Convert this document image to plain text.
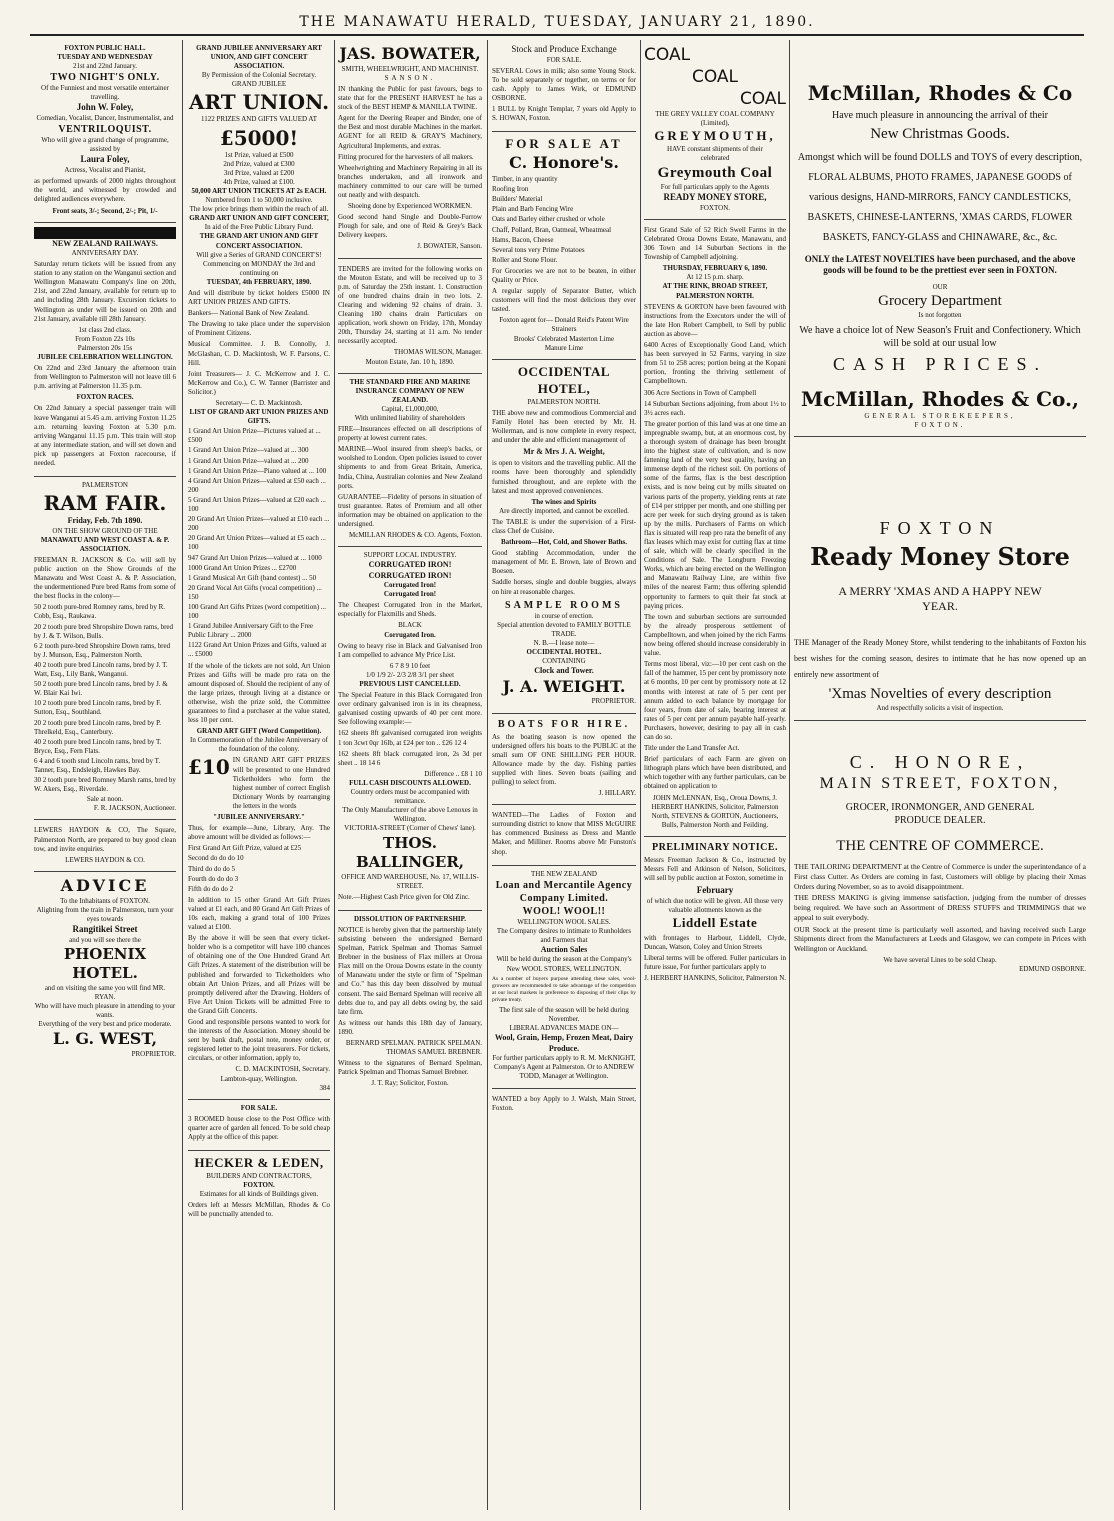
THE MANAWATU HERALD, TUESDAY, JANUARY 21, 1890.
FOXTON PUBLIC HALL.
TUESDAY AND WEDNESDAY
21st and 22nd January.
TWO NIGHT'S ONLY.
Of the Funniest and most versatile entertainer travelling.
John W. Foley,
Comedian, Vocalist, Dancer, Instrumentalist, and
VENTRILOQUIST.
Who will give a grand change of programme,
assisted by
Laura Foley,
Actress, Vocalist and Pianist,

as performed upwards of 2000 nights throughout the world, and witnessed by crowded and delighted audiences everywhere.

Front seats, 3/-; Second, 2/-; Pit, 1/-
NEW ZEALAND RAILWAYS.
ANNIVERSARY DAY.

Saturday return tickets will be issued from any station to any station on the Wanganui section and Wellington Manawatu Company's line on 20th, 21st, and 22nd January, available for return up to and including 28th January. Excursion tickets to Wellington as under will be issued on 20th and 21st January, available till 28th January.

1st class 2nd class.
From Foxton 22s 10s
Palmerston 20s 15s
JUBILEE CELEBRATION WELLINGTON.

On 22nd and 23rd January the afternoon train from Wellington to Palmerston will not leave till 6 p.m. arriving at Palmerston 11.35 p.m.

FOXTON RACES.

On 22nd January a special passenger train will leave Wanganui at 5.45 a.m. arriving Foxton 11.25 a.m. returning leaving Foxton at 5.30 p.m. arriving Wanganui 11.15 p.m. This train will stop at any intermediate station, and will set down and pick up passengers at Foxton racecourse, if needed.

PALMERSTON
RAM FAIR.
Friday, Feb. 7th 1890.
ON THE SHOW GROUND OF THE
MANAWATU AND WEST COAST A. & P. ASSOCIATION.

FREEMAN R. JACKSON & Co. will sell by public auction on the Show Grounds of the Manawatu and West Coast A. & P. Association, the undermentioned Pure bred Rams from some of the best flocks in the colony—

50 2 tooth pure-bred Romney rams, bred by R. Cobb, Esq., Raukawa.
20 2 tooth pure bred Shropshire Down rams, bred by J. & T. Wilson, Bulls.
6 2 tooth pure-bred Shropshire Down rams, bred by J. Munson, Esq., Palmerston North.
40 2 tooth pure bred Lincoln rams, bred by J. T. Watt, Esq., Lily Bank, Wanganui.
50 2 tooth pure bred Lincoln rams, bred by J. & W. Blair Kai Iwi.
10 2 tooth pure bred Lincoln rams, bred by F. Sutton, Esq., Southland.
20 2 tooth pure bred Lincoln rams, bred by P. Threlkeld, Esq., Canterbury.
40 2 tooth pure bred Lincoln rams, bred by T. Bryce, Esq., Fern Flats.
6 4 and 6 tooth stud Lincoln rams, bred by T. Tanner, Esq., Endsleigh, Hawkes Bay.
30 2 tooth pure bred Romney Marsh rams, bred by W. Akers, Esq., Riverdale.
Sale at noon.
F. R. JACKSON, Auctioneer.

LEWERS HAYDON & CO, The Square, Palmerston North, are prepared to buy good clean tow, and invite enquiries.

LEWERS HAYDON & CO.
ADVICE
To the Inhabitants of FOXTON.
Alighting from the train in Palmerston, turn your eyes towards
Rangitikei Street
and you will see there the
PHOENIX HOTEL.
and on visiting the same you will find MR. RYAN.
Who will have much pleasure in attending to your wants.
Everything of the very best and price moderate.
L. G. WEST,
PROPRIETOR.
GRAND JUBILEE ANNIVERSARY ART UNION, AND GIFT CONCERT ASSOCIATION.
By Permission of the Colonial Secretary.
GRAND JUBILEE
ART UNION.
1122 PRIZES AND GIFTS VALUED AT
£5000!
1st Prize, valued at £500
2nd Prize, valued at £300
3rd Prize, valued at £200
4th Prize, valued at £100.
50,000 ART UNION TICKETS AT 2s EACH.
Numbered from 1 to 50,000 inclusive.
The low price brings them within the reach of all.
GRAND ART UNION AND GIFT CONCERT,
In aid of the Free Public Library Fund.
THE GRAND ART UNION AND GIFT CONCERT ASSOCIATION.
Will give a Series of GRAND CONCERT'S!
Commencing on MONDAY the 3rd and continuing on
TUESDAY, 4th FEBRUARY, 1890.

And will distribute by ticket holders £5000 IN ART UNION PRIZES AND GIFTS.

Bankers— National Bank of New Zealand.

The Drawing to take place under the supervision of Prominent Citizens.

Musical Committee. J. B. Connolly, J. McGlashan, C. D. Mackintosh, W. F. Parsons, C. Hill.

Joint Treasurers— J. C. McKerrow and J. C. McKerrow and Co.), C. W. Tanner (Barrister and Solicitor.)

Secretary— C. D. Mackintosh.
LIST OF GRAND ART UNION PRIZES AND GIFTS.
1 Grand Art Union Prize—Pictures valued at ... £500
1 Grand Art Union Prize—valued at ... 300
1 Grand Art Union Prize—valued at ... 200
1 Grand Art Union Prize—Piano valued at ... 100
4 Grand Art Union Prizes—valued at £50 each ... 200
5 Grand Art Union Prizes—valued at £20 each ... 100
20 Grand Art Union Prizes—valued at £10 each ... 200
20 Grand Art Union Prizes—valued at £5 each ... 100
947 Grand Art Union Prizes—valued at ... 1000
1000 Grand Art Union Prizes ... £2700
1 Grand Musical Art Gift (band contest) ... 50
20 Grand Vocal Art Gifts (vocal competition) ... 150
100 Grand Art Gifts Prizes (word competition) ... 100
1 Grand Jubilee Anniversary Gift to the Free Public Library ... 2000
1122 Grand Art Union Prizes and Gifts, valued at ... £5000

If the whole of the tickets are not sold, Art Union Prizes and Gifts will be made pro rata on the amount disposed of. Should the recipient of any of the large prizes, through living at a distance or otherwise, wish the prize sold, the Committee guarantees to find a purchaser at the value stated, less 10 per cent.

GRAND ART GIFT (Word Competition).
In Commemoration of the Jubilee Anniversary of the foundation of the colony.
£10 IN GRAND ART GIFT PRIZES will be presented to one Hundred Ticketholders who form the highest number of correct English Dictionary Words by rearranging the letters in the words

"JUBILEE ANNIVERSARY."

Thus, for example—June, Library, Any. The above amount will be divided as follows:—

First Grand Art Gift Prize, valued at £25
Second do do do 10
Third do do do 5
Fourth do do do 3
Fifth do do do 2

In addition to 15 other Grand Art Gift Prizes valued at £1 each, and 80 Grand Art Gift Prizes of 10s each, making a grand total of 100 Prizes valued at £100.

By the above it will be seen that every ticket-holder who is a competitor will have 100 chances of obtaining one of the One Hundred Grand Art Gift Prizes. A statement of the distribution will be published and forwarded to Ticketholders who obtain Art Union Prizes, and all Prizes will be promptly delivered after the Drawing. Holders of Five Art Union Tickets will be admitted Free to the Grand Gift Concerts.

Good and responsible persons wanted to work for the interests of the Association. Money should be sent by bank draft, postal note, money order, or registered letter to the joint treasurers. For tickets, circulars, or other information, apply to,

C. D. MACKINTOSH, Secretary.
Lambton-quay, Wellington.
384
FOR SALE.

3 ROOMED house close to the Post Office with quarter acre of garden all fenced. To be sold cheap Apply at the office of this paper.

HECKER & LEDEN,
BUILDERS AND CONTRACTORS,
FOXTON.
Estimates for all kinds of Buildings given.

Orders left at Messrs McMillan, Rhodes & Co will be punctually attended to.

JAS. BOWATER,
SMITH, WHEELWRIGHT, AND MACHINIST.
SANSON.

IN thanking the Public for past favours, begs to state that for the PRESENT HARVEST he has a stock of the BEST HEMP & MANILLA TWINE.

Agent for the Deering Reaper and Binder, one of the Best and most durable Machines in the market. AGENT for all REID & GRAY'S Machinery, Agricultural Implements, and extras.

Fitting procured for the harvesters of all makers.

Wheelwrighting and Machinery Repairing in all its branches undertaken, and all ironwork and machinery committed to our care will be turned out neatly and with despatch.

Shoeing done by Experienced WORKMEN.

Good second hand Single and Double-Furrow Plough for sale, and one of Reid & Grey's Back Delivery keepers.

J. BOWATER, Sanson.

TENDERS are invited for the following works on the Mouton Estate, and will be received up to 3 p.m. of Saturday the 25th instant. 1. Construction of one hundred chains drain in two lots. 2. Clearing and widening 92 chains of drain. 3. Cleaning 180 chains drain Particulars on application, work shown on Friday, 17th, Monday 20th, Thursday 24, starting at 11 a.m. No tender necessarily accepted.

THOMAS WILSON, Manager.
Mouton Estate, Jan. 10 h, 1890.
THE STANDARD FIRE AND MARINE INSURANCE COMPANY OF NEW ZEALAND.
Capital, £1,000,000,
With unlimited liability of shareholders

FIRE—Insurances effected on all descriptions of property at lowest current rates.

MARINE—Wool insured from sheep's backs, or woolshed to London. Open policies issued to cover shipments to and from Great Britain, America, India, China, Australian colonies and New Zealand ports.

GUARANTEE—Fidelity of persons in situation of trust guarantee. Rates of Premium and all other information may be obtained on application to the undersigned.

McMILLAN RHODES & CO. Agents, Foxton.
SUPPORT LOCAL INDUSTRY.
CORRUGATED IRON!
CORRUGATED IRON!
Corrugated Iron!
Corrugated Iron!

The Cheapest Corrugated Iron in the Market, especially for Flaxmills and Sheds.

BLACK
Corrugated Iron.

Owing to heavy rise in Black and Galvanised Iron I am compelled to advance My Price List.

6 7 8 9 10 feet
1/0 1/9 2/- 2/3 2/8 3/1 per sheet
PREVIOUS LIST CANCELLED.

The Special Feature in this Black Corrugated Iron over ordinary galvanised iron is in its cheapness, galvanised costing upwards of 40 per cent more. See following example:—

162 sheets 8ft galvanised corrugated iron weights 1 ton 3cwt 0qr 16lb, at £24 per ton .. £26 12 4

162 sheets 8ft black corrugated iron, 2s 3d per sheet .. 18 14 6

Difference .. £8 1 10
FULL CASH DISCOUNTS ALLOWED.
Country orders must be accompanied with remittance.
The Only Manufacturer of the above Lenoxes in Wellington.
VICTORIA-STREET (Corner of Chews' lane).
THOS. BALLINGER,
OFFICE AND WAREHOUSE, No. 17, WILLIS-STREET.

Note.—Highest Cash Price given for Old Zinc.

DISSOLUTION OF PARTNERSHIP.

NOTICE is hereby given that the partnership lately subsisting between the undersigned Bernard Spelman, Patrick Spelman and Thomas Samuel Brebner in the business of Flax millers at Oroua Flax mill on the Oroua Downs estate in the county of Manawatu under the style or firm of "Spelman and Co." has this day been dissolved by mutual consent. The said Bernard Spelman will receive all debts due to, and pay all debts owing by, the said late firm.

As witness our hands this 18th day of January, 1890.

BERNARD SPELMAN. PATRICK SPELMAN. THOMAS SAMUEL BREBNER.

Witness to the signatures of Bernard Spelman, Patrick Spelman and Thomas Samuel Brebner.

J. T. Ray; Solicitor, Foxton.
Stock and Produce Exchange
FOR SALE.

SEVERAL Cows in milk; also some Young Stock. To be sold separately or together, on terms or for cash. Apply to James Wirk, or EDMUND OSBORNE.

1 BULL by Knight Templar, 7 years old Apply to S. HOWAN, Foxton.

FOR SALE AT
C. Honore's.
Timber, in any quantity
Roofing Iron
Builders' Material
Plain and Barb Fencing Wire
Oats and Barley either crushed or whole
Chaff, Pollard, Bran, Oatmeal, Wheatmeal
Hams, Bacon, Cheese
Several tons very Prime Potatoes
Roller and Stone Flour.

For Groceries we are not to be beaten, in either Quality or Price.

A regular supply of Separator Butter, which customers will find the most delicious they ever tasted.

Foxton agent for— Donald Reid's Patent Wire Strainers
Brooks' Celebrated Masterton Lime
Manure Lime
OCCIDENTAL HOTEL,
PALMERSTON NORTH.

THE above new and commodious Commercial and Family Hotel has been erected by Mr. H. Wollerman, and is now complete in every respect, and under the able and efficient management of

Mr & Mrs J. A. Weight,

is open to visitors and the travelling public. All the rooms have been thoroughly and splendidly furnished throughout, and are replete with the latest and most approved conveniences.

The wines and Spirits
Are directly imported, and cannot be excelled.

The TABLE is under the supervision of a First-class Chef de Cuisine.

Bathroom—Hot, Cold, and Shower Baths.

Good stabling Accommodation, under the management of Mr. E. Brown, late of Brown and Boesen.

Saddle horses, single and double buggies, always on hire at reasonable charges.

SAMPLE ROOMS
in course of erection.
Special attention devoted to FAMILY BOTTLE TRADE.
N. B.—I lease note—
OCCIDENTAL HOTEL.
CONTAINING
Clock and Tower.
J. A. WEIGHT.
PROPRIETOR.
BOATS FOR HIRE.

As the boating season is now opened the undersigned offers his boats to the PUBLIC at the small sum OF ONE SHILLING PER HOUR. Allowance made by the day. Fishing parties supplied with lines. Seven boats (sailing and pulling) to select from.

J. HILLARY.

WANTED—The Ladies of Foxton and surrounding district to know that MISS McGUIRE has commenced Business as Dress and Mantle Maker, and Milliner. Rooms above Mr Funston's shop.

THE NEW ZEALAND
Loan and Mercantile Agency Company Limited.
WOOL! WOOL!!
WELLINGTON WOOL SALES.
The Company desires to intimate to Runholders and Farmers that
Auction Sales
Will be held during the season at the Company's New WOOL STORES, WELLINGTON.

As a number of buyers purpose attending these sales, wool-growers are recommended to take advantage of the competition at our local markets in preference to disposing of their clips by private treaty.

The first sale of the season will be held during November.
LIBERAL ADVANCES MADE ON—
Wool, Grain, Hemp, Frozen Meat, Dairy Produce.
For further particulars apply to R. M. McKNIGHT, Company's Agent at Palmerston. Or to ANDREW TODD, Manager at Wellington.

WANTED a boy Apply to J. Walsh, Main Street, Foxton.

COAL
COAL
COAL
THE GREY VALLEY COAL COMPANY (Limited),
GREYMOUTH,
HAVE constant shipments of their
celebrated
Greymouth Coal
For full particulars apply to the Agents
READY MONEY STORE,
FOXTON.

First Grand Sale of 52 Rich Swell Farms in the Celebrated Oroua Downs Estate, Manawatu, and 306 Town and 14 Suburban Sections in the Township of Campbell adjoining.

THURSDAY, FEBRUARY 6, 1890.
At 12 15 p.m. sharp.
AT THE RINK, BROAD STREET, PALMERSTON NORTH.

STEVENS & GORTON have been favoured with instructions from the Executors under the will of the late Hon Robert Campbell, to Sell by public auction as above—

6400 Acres of Exceptionally Good Land, which has been surveyed in 52 Farms, varying in size from 51 to 258 acres; portion being at the Kopani portion, fronting the thriving settlement of Campbelltown.

306 Acre Sections in Town of Campbell

14 Suburban Sections adjoining, from about 1½ to 3½ acres each.

The greater portion of this land was at one time an impregnable swamp, but, at an enormous cost, by a thorough system of drainage has been brought into the highest state of cultivation, and is now fattening land of the very best quality, having an immense depth of the richest soil. On portions of some of the farms, flax is the best description exists, and is now being cut by mills situated on various parts of the property, yielding rents at rate of £14 per stripper per month, and one shilling per acre per week for such drying ground as is taken up by the mills. Purchasers of Farms on which flax is situated will reap pro rata the benefit of any flax leases which may exist for cutting flax at time of sale, which will be clearly specified in the Conditions of Sale. The Longburn Freezing Works, which are being erected on the Wellington and Manawatu Railway Line, are within five miles of the nearest Farm; thus offering splendid opportunity to farmers to quit their fat stock at paying prices.

The town and suburban sections are surrounded by the already prosperous settlement of Campbelltown, and when joined by the rich Farms now being offered should increase considerably in value.

Terms most liberal, viz:—10 per cent cash on the fall of the hammer, 15 per cent by promissory note at 6 months, 10 per cent by promissory note at 12 months with interest at rate of 5 per cent per annum added to each balance by mortgage for four years, from date of sale, bearing interest at rates of 5 per cent per annum payable half-yearly. Purchasers, however, desiring to pay all in cash can do so.

Title under the Land Transfer Act.

Brief particulars of each Farm are given on lithograph plans which have been distributed, and which together with any further particulars, can be obtained on application to

JOHN McLENNAN, Esq., Oroua Downs, J. HERBERT HANKINS, Solicitor, Palmerston North, STEVENS & GORTON, Auctioneers,
Bulls, Palmerston North and Feilding.
PRELIMINARY NOTICE.

Messrs Freeman Jackson & Co., instructed by Messrs Fell and Atkinson of Nelson, Solicitors, will sell by public auction at Foxton, sometime in

February
of which due notice will be given. All those very valuable allotments known as the
Liddell Estate

with frontages to Harbour, Liddell, Clyde, Duncan, Watson, Coley and Union Streets

Liberal terms will be offered. Fuller particulars in future issue, For further particulars apply to

J. HERBERT HANKINS, Solicitor, Palmerston N.
McMillan, Rhodes & Co
Have much pleasure in announcing the arrival of their
New Christmas Goods.
Amongst which will be found DOLLS and TOYS of every description, FLORAL ALBUMS, PHOTO FRAMES, JAPANESE GOODS of various designs, HAND-MIRRORS, FANCY CANDLESTICKS, BASKETS, CHINESE-LANTERNS, 'XMAS CARDS, FLOWER BASKETS, FANCY-GLASS and CHINAWARE, &c., &c.
ONLY the LATEST NOVELTIES have been purchased, and the above goods will be found to be the prettiest ever seen in FOXTON.
OUR
Grocery Department
Is not forgotten
We have a choice lot of New Season's Fruit and Confectionery. Which will be sold at our usual low
CASH PRICES.
McMillan, Rhodes & Co.,
GENERAL STOREKEEPERS,
FOXTON.
FOXTON
Ready Money Store
A MERRY 'XMAS AND A HAPPY NEW YEAR.

THE Manager of the Ready Money Store, whilst tendering to the inhabitants of Foxton his best wishes for the coming season, desires to intimate that he has now opened up an entirely new assortment of

'Xmas Novelties of every description
And respectfully solicits a visit of inspection.
C. HONORE,
MAIN STREET, FOXTON,
GROCER, IRONMONGER, AND GENERAL PRODUCE DEALER.
THE CENTRE OF COMMERCE.

THE TAILORING DEPARTMENT at the Centre of Commerce is under the superintendance of a First class Cutter. As Orders are coming in fast, Customers will oblige by placing their Xmas Orders during November, so as to avoid disappointment.

THE DRESS MAKING is giving immense satisfaction, judging from the number of dresses being required. We have such an Assortment of DRESS STUFFS and TRIMMINGS that we appeal to suit everybody.

OUR Stock at the present time is particularly well assorted, and having received such Large Shipments direct from the Manufacturers at Leeds and Glasgow, we can compete in Prices with Wellington or Auckland.

We have several Lines to be sold Cheap.
EDMUND OSBORNE.
